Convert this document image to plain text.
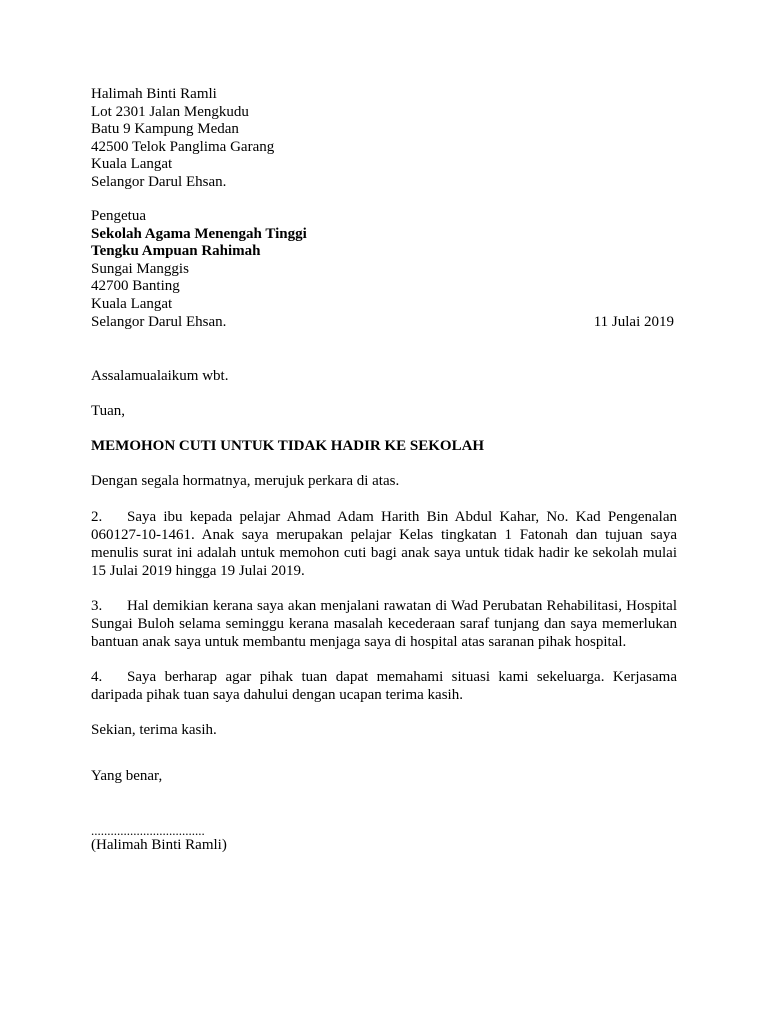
Halimah Binti Ramli
Lot 2301 Jalan Mengkudu
Batu 9 Kampung Medan
42500 Telok Panglima Garang
Kuala Langat
Selangor Darul Ehsan.
Pengetua
Sekolah Agama Menengah Tinggi
Tengku Ampuan Rahimah
Sungai Manggis
42700 Banting
Kuala Langat
Selangor Darul Ehsan.	11 Julai 2019
Assalamualaikum wbt.
Tuan,
MEMOHON CUTI UNTUK TIDAK HADIR KE SEKOLAH
Dengan segala hormatnya, merujuk perkara di atas.
2. Saya ibu kepada pelajar Ahmad Adam Harith Bin Abdul Kahar, No. Kad Pengenalan 060127-10-1461. Anak saya merupakan pelajar Kelas tingkatan 1 Fatonah dan tujuan saya menulis surat ini adalah untuk memohon cuti bagi anak saya untuk tidak hadir ke sekolah mulai 15 Julai 2019 hingga 19 Julai 2019.
3. Hal demikian kerana saya akan menjalani rawatan di Wad Perubatan Rehabilitasi, Hospital Sungai Buloh selama seminggu kerana masalah kecederaan saraf tunjang dan saya memerlukan bantuan anak saya untuk membantu menjaga saya di hospital atas saranan pihak hospital.
4. Saya berharap agar pihak tuan dapat memahami situasi kami sekeluarga. Kerjasama daripada pihak tuan saya dahului dengan ucapan terima kasih.
Sekian, terima kasih.
Yang benar,
...................................
(Halimah Binti Ramli)
